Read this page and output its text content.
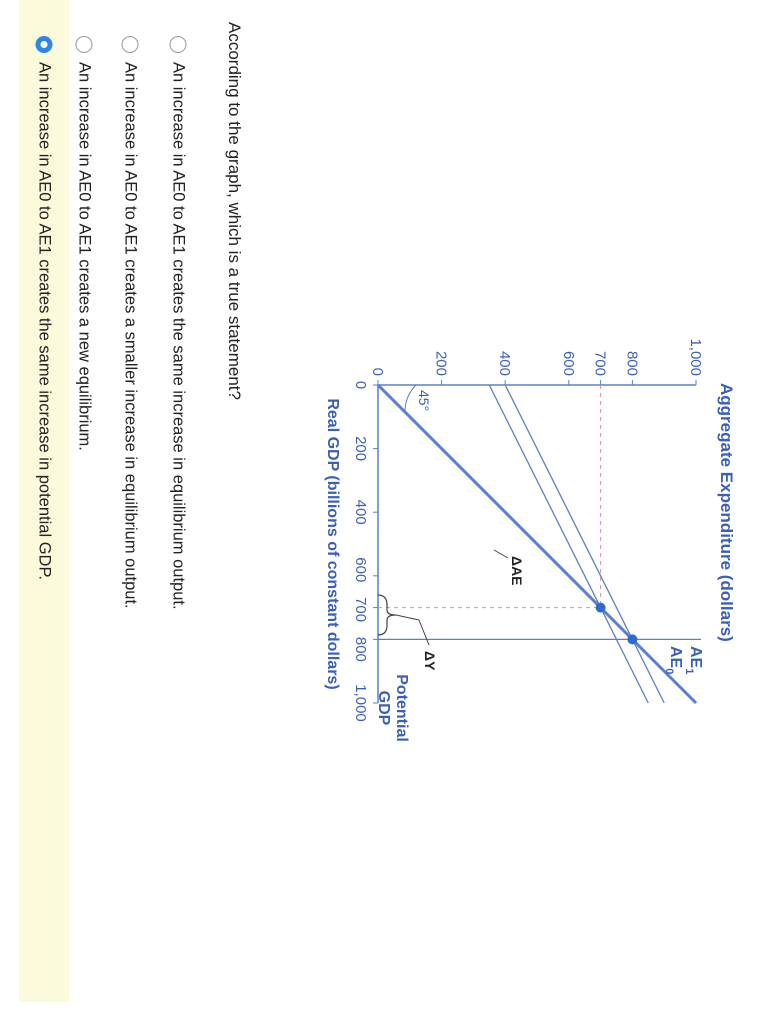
Aggregate Expenditure (dollars)
0
200
400
600
700
800
1,000
0	200	400	600 700 800	1,000
Real GDP (billions of constant dollars)
Potential
GDP
45°
ΔAE
ΔY	$AE_1$
$AE_0$
According to the graph, which is a true statement?
An increase in AE0 to AE1 creates the same increase in equilibrium output.
An increase in AE0 to AE1 creates a smaller increase in equilibrium output.
An increase in AE0 to AE1 creates a new equilibrium.
An increase in AE0 to AE1 creates the same increase in potential GDP.
